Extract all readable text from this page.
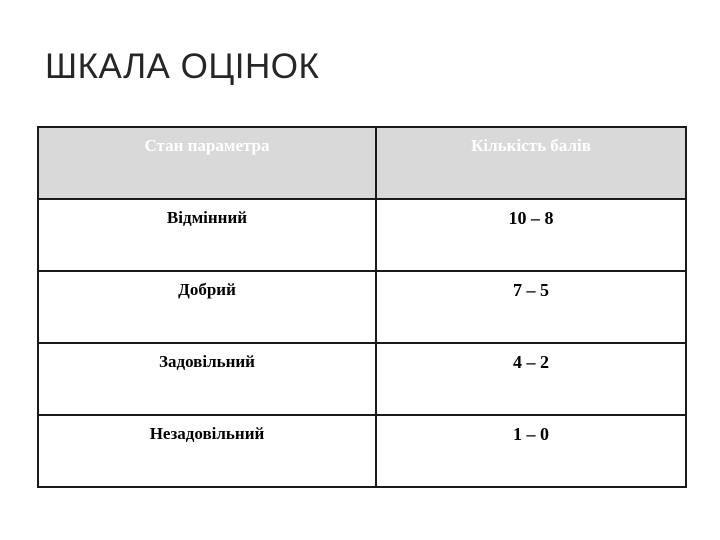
ШКАЛА ОЦІНОК
Стан параметра	Кількість балів
Відмінний	10 – 8
Добрий	7 – 5
Задовільний	4 – 2
Незадовільний	1 – 0
